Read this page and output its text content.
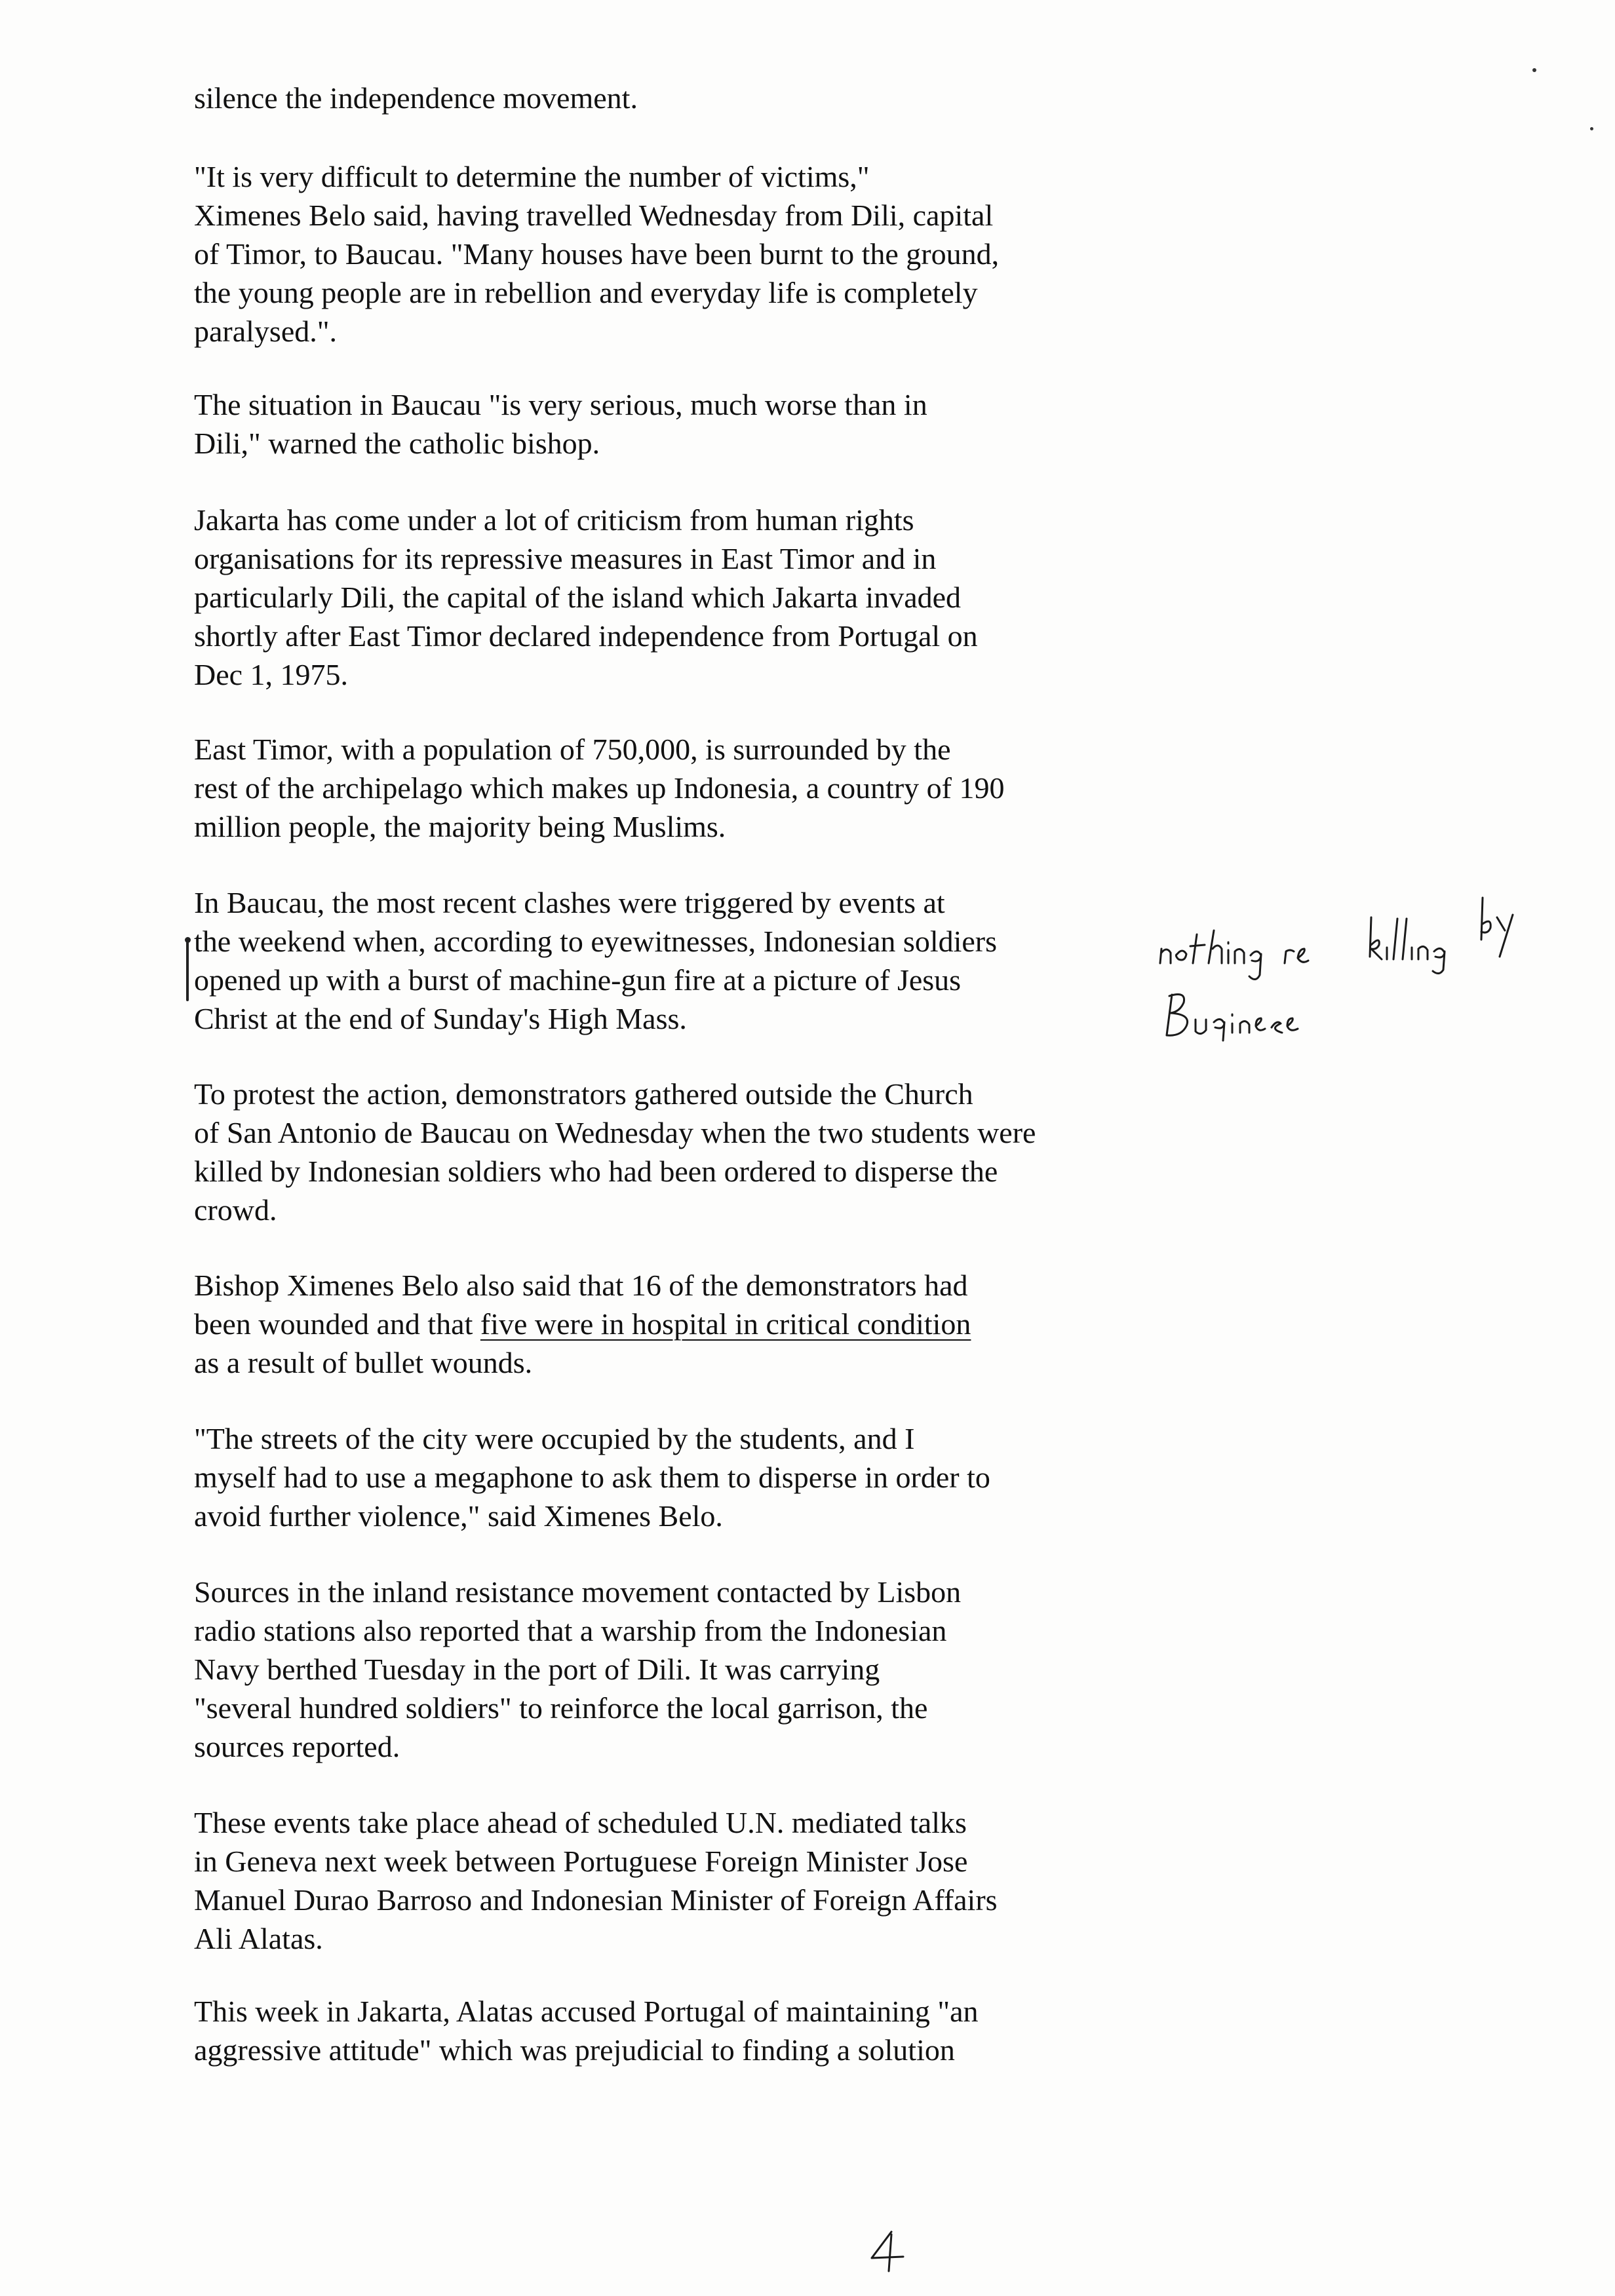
silence the independence movement.

"It is very difficult to determine the number of victims,"
Ximenes Belo said, having travelled Wednesday from Dili, capital
of Timor, to Baucau. "Many houses have been burnt to the ground,
the young people are in rebellion and everyday life is completely
paralysed.".

The situation in Baucau "is very serious, much worse than in
Dili," warned the catholic bishop.

Jakarta has come under a lot of criticism from human rights
organisations for its repressive measures in East Timor and in
particularly Dili, the capital of the island which Jakarta invaded
shortly after East Timor declared independence from Portugal on
Dec 1, 1975.

East Timor, with a population of 750,000, is surrounded by the
rest of the archipelago which makes up Indonesia, a country of 190
million people, the majority being Muslims.

In Baucau, the most recent clashes were triggered by events at
the weekend when, according to eyewitnesses, Indonesian soldiers
opened up with a burst of machine-gun fire at a picture of Jesus
Christ at the end of Sunday's High Mass.

To protest the action, demonstrators gathered outside the Church
of San Antonio de Baucau on Wednesday when the two students were
killed by Indonesian soldiers who had been ordered to disperse the
crowd.

Bishop Ximenes Belo also said that 16 of the demonstrators had
been wounded and that five were in hospital in critical condition
as a result of bullet wounds.

"The streets of the city were occupied by the students, and I
myself had to use a megaphone to ask them to disperse in order to
avoid further violence," said Ximenes Belo.

Sources in the inland resistance movement contacted by Lisbon
radio stations also reported that a warship from the Indonesian
Navy berthed Tuesday in the port of Dili. It was carrying
"several hundred soldiers" to reinforce the local garrison, the
sources reported.

These events take place ahead of scheduled U.N. mediated talks
in Geneva next week between Portuguese Foreign Minister Jose
Manuel Durao Barroso and Indonesian Minister of Foreign Affairs
Ali Alatas.

This week in Jakarta, Alatas accused Portugal of maintaining "an
aggressive attitude" which was prejudicial to finding a solution
